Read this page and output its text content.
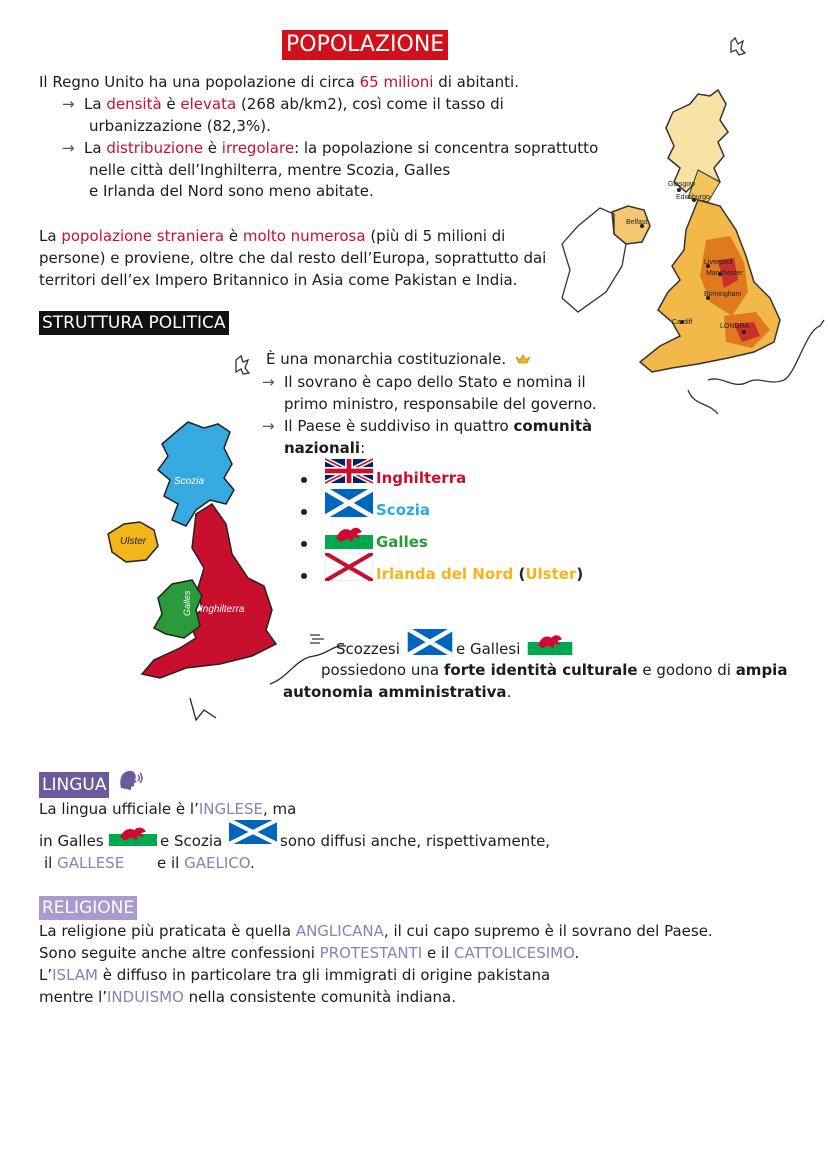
POPOLAZIONE
Il Regno Unito ha una popolazione di circa 65 milioni di abitanti.
→ La densità è elevata (268 ab/km2), così come il tasso di
urbanizzazione (82,3%).
→ La distribuzione è irregolare: la popolazione si concentra soprattutto
nelle città dell’Inghilterra, mentre Scozia, Galles
e Irlanda del Nord sono meno abitate.
La popolazione straniera è molto numerosa (più di 5 milioni di
persone) e proviene, oltre che dal resto dell’Europa, soprattutto dai
territori dell’ex Impero Britannico in Asia come Pakistan e India.
Glasgow
Edimburgo
Belfast
Liverpool
Manchester
Birmingham
Cardiff
LONDRA
STRUTTURA POLITICA
È una monarchia costituzionale.
→ Il sovrano è capo dello Stato e nomina il
primo ministro, responsabile del governo.
→ Il Paese è suddiviso in quattro comunità
nazionali:
Inghilterra
Scozia
Galles
Irlanda del Nord (Ulster)
Scozia
Ulster
Inghilterra
Galles
Scozzesi	e Gallesi
possiedono una forte identità culturale e godono di ampia
autonomia amministrativa.
LINGUA
La lingua ufficiale è l’INGLESE, ma
in Galles	e Scozia	sono diffusi anche, rispettivamente,
il GALLESE e il GAELICO.
RELIGIONE
La religione più praticata è quella ANGLICANA, il cui capo supremo è il sovrano del Paese.
Sono seguite anche altre confessioni PROTESTANTI e il CATTOLICESIMO.
L’ISLAM è diffuso in particolare tra gli immigrati di origine pakistana
mentre l’INDUISMO nella consistente comunità indiana.
